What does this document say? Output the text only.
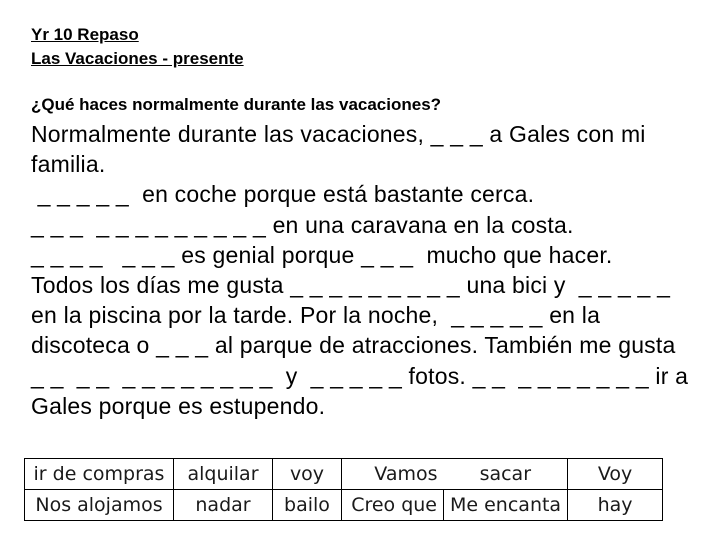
Yr 10 Repaso
Las Vacaciones - presente
¿Qué haces normalmente durante las vacaciones?
Normalmente durante las vacaciones, _ _ _ a Gales con mi
familia.
_ _ _ _ _  en coche porque está bastante cerca.
_ _ _  _ _ _ _ _ _ _ _ _ en una caravana en la costa.
_ _ _ _   _ _ _ es genial porque _ _ _  mucho que hacer.
Todos los días me gusta _ _ _ _ _ _ _ _ _ una bici y  _ _ _ _ _
en la piscina por la tarde. Por la noche,  _ _ _ _ _ en la
discoteca o _ _ _ al parque de atracciones. También me gusta
_ _  _ _  _ _ _ _ _ _ _ _  y  _ _ _ _ _ fotos. _ _  _ _ _ _ _ _ _ ir a
Gales porque es estupendo.
ir de compras	alquilar	voy	Vamos	sacar	Voy
Nos alojamos	nadar	bailo	Creo que	Me encanta	hay
